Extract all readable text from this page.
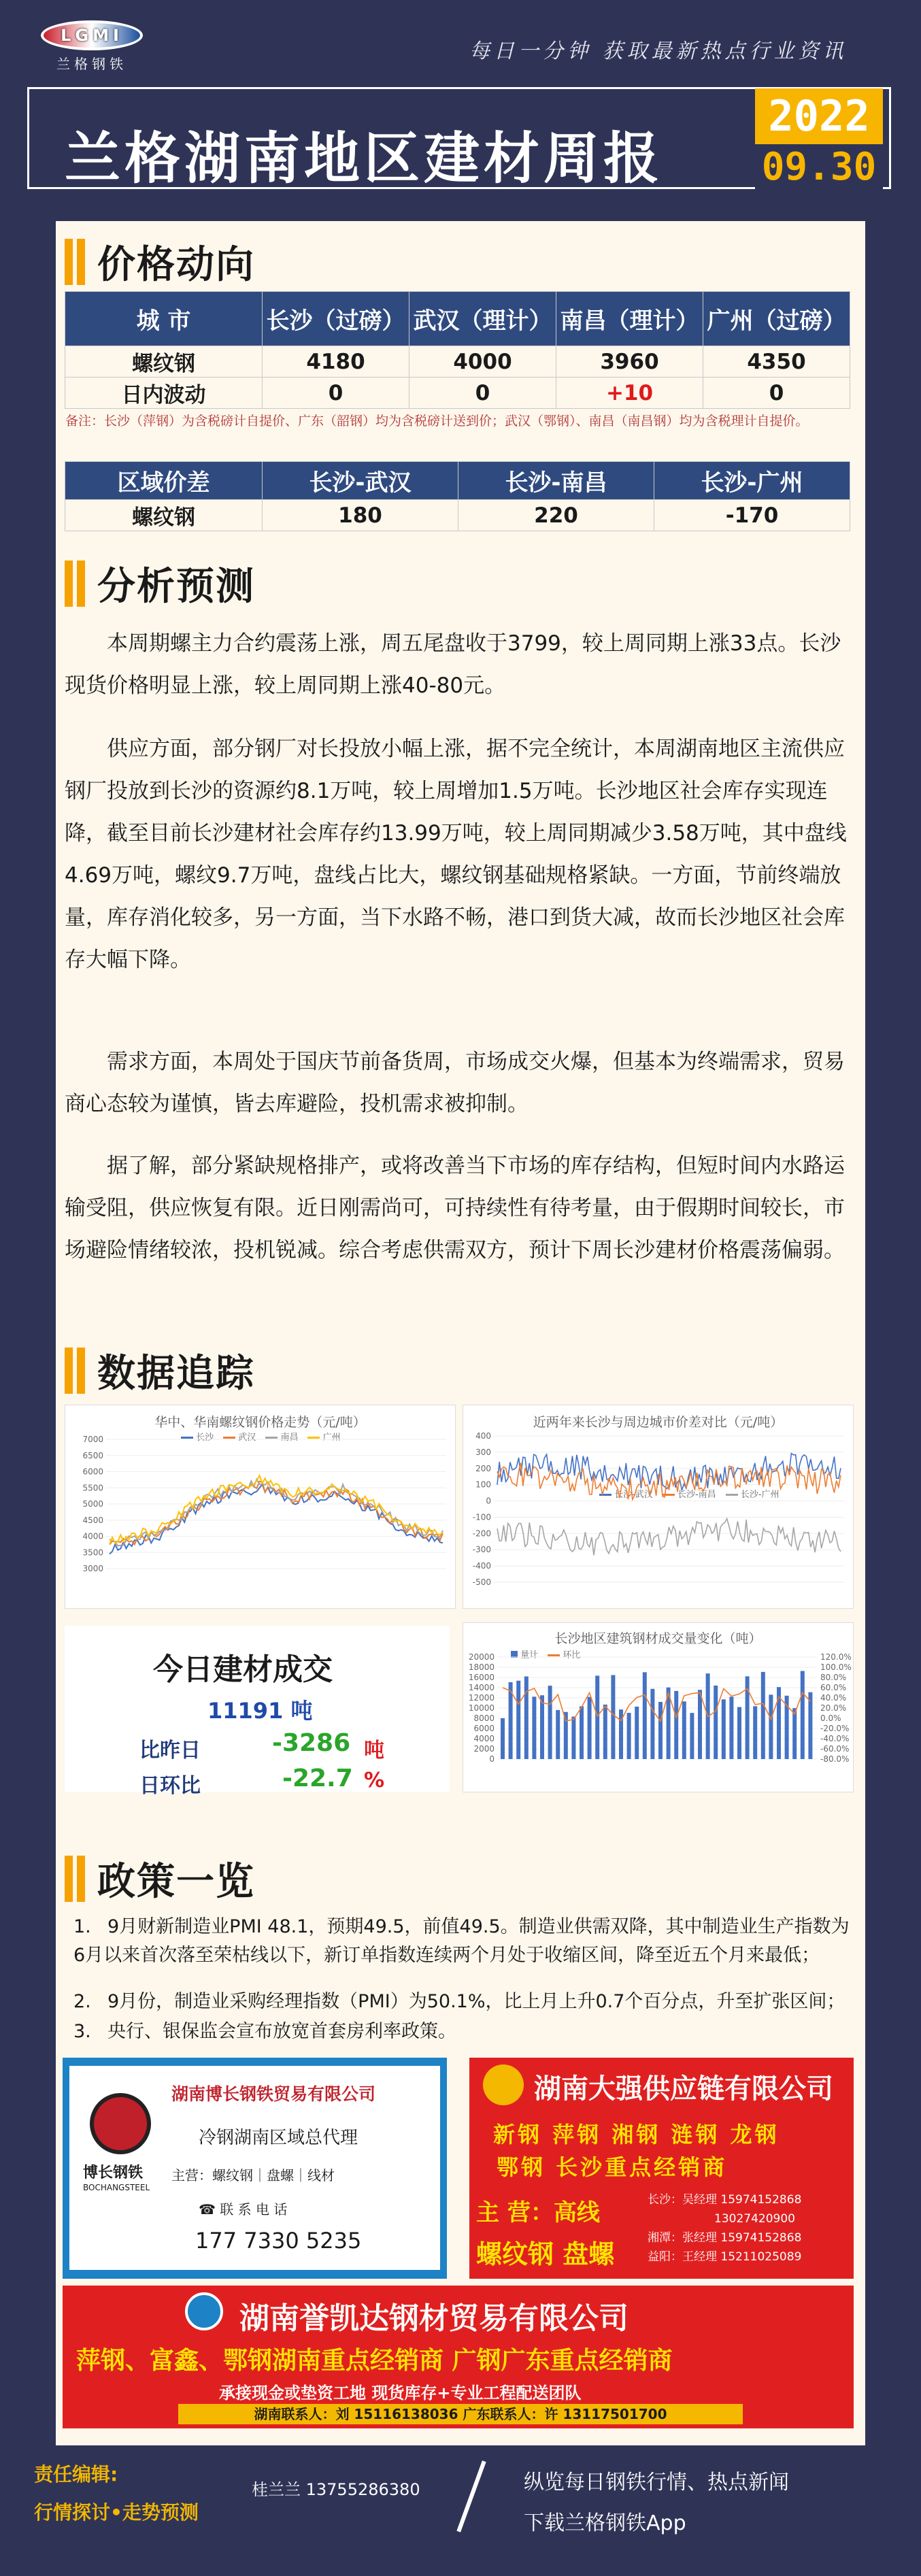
LGMI
兰格钢铁
每日一分钟 获取最新热点行业资讯
兰格湖南地区建材周报
2022
09.30
价格动向
城 市	长沙（过磅）	武汉（理计）	南昌（理计）	广州（过磅）
螺纹钢	4180	4000	3960	4350
日内波动	0	0	+10	0
备注：长沙（萍钢）为含税磅计自提价、广东（韶钢）均为含税磅计送到价；武汉（鄂钢）、南昌（南昌钢）均为含税理计自提价。
区域价差	长沙-武汉	长沙-南昌	长沙-广州
螺纹钢	180	220	-170
分析预测
本周期螺主力合约震荡上涨，周五尾盘收于3799，较上周同期上涨33点。长沙现货价格明显上涨，较上周同期上涨40-80元。
供应方面，部分钢厂对长投放小幅上涨，据不完全统计，本周湖南地区主流供应钢厂投放到长沙的资源约8.1万吨，较上周增加1.5万吨。长沙地区社会库存实现连降，截至目前长沙建材社会库存约13.99万吨，较上周同期减少3.58万吨，其中盘线4.69万吨，螺纹9.7万吨，盘线占比大，螺纹钢基础规格紧缺。一方面，节前终端放量，库存消化较多，另一方面，当下水路不畅，港口到货大减，故而长沙地区社会库存大幅下降。
需求方面，本周处于国庆节前备货周，市场成交火爆，但基本为终端需求，贸易商心态较为谨慎，皆去库避险，投机需求被抑制。
据了解，部分紧缺规格排产，或将改善当下市场的库存结构，但短时间内水路运输受阻，供应恢复有限。近日刚需尚可，可持续性有待考量，由于假期时间较长，市场避险情绪较浓，投机锐减。综合考虑供需双方，预计下周长沙建材价格震荡偏弱。
数据追踪
华中、华南螺纹钢价格走势（元/吨）
长沙	武汉	南昌	广州
7000
6500
6000
5500
5000
4500
4000
3500
3000
近两年来长沙与周边城市价差对比（元/吨）
长沙-武汉	长沙-南昌	长沙-广州
400
300
200
100
0
-100
-200
-300
-400
-500
今日建材成交
11191 吨
比昨日	-3286 吨
日环比	-22.7 %
长沙地区建筑钢材成交量变化（吨）
量计	环比
20000
18000
16000
14000
12000
10000
8000
6000
4000
2000
0
120.0%
100.0%
80.0%
60.0%
40.0%
20.0%
0.0%
-20.0%
-40.0%
-60.0%
-80.0%
政策一览
1. 9月财新制造业PMI 48.1，预期49.5，前值49.5。制造业供需双降，其中制造业生产指数为6月以来首次落至荣枯线以下，新订单指数连续两个月处于收缩区间，降至近五个月来最低；
2. 9月份，制造业采购经理指数（PMI）为50.1%，比上月上升0.7个百分点，升至扩张区间；
3. 央行、银保监会宣布放宽首套房利率政策。
博长钢铁
BOCHANGSTEEL
湖南博长钢铁贸易有限公司
冷钢湖南区域总代理
主营：螺纹钢｜盘螺｜线材
☎ 联 系 电 话
177 7330 5235
湖南大强供应链有限公司
新钢 萍钢 湘钢 涟钢 龙钢
鄂钢 长沙重点经销商
主 营：高线
螺纹钢 盘螺
长沙：吴经理 15974152868
13027420900
湘潭：张经理 15974152868
益阳：王经理 15211025089
湖南誉凯达钢材贸易有限公司
萍钢、富鑫、鄂钢湖南重点经销商 广钢广东重点经销商
承接现金或垫资工地 现货库存+专业工程配送团队
湖南联系人：刘 15116138036 广东联系人：许 13117501700
责任编辑:
行情探讨•走势预测
桂兰兰 13755286380	纵览每日钢铁行情、热点新闻
下载兰格钢铁App
